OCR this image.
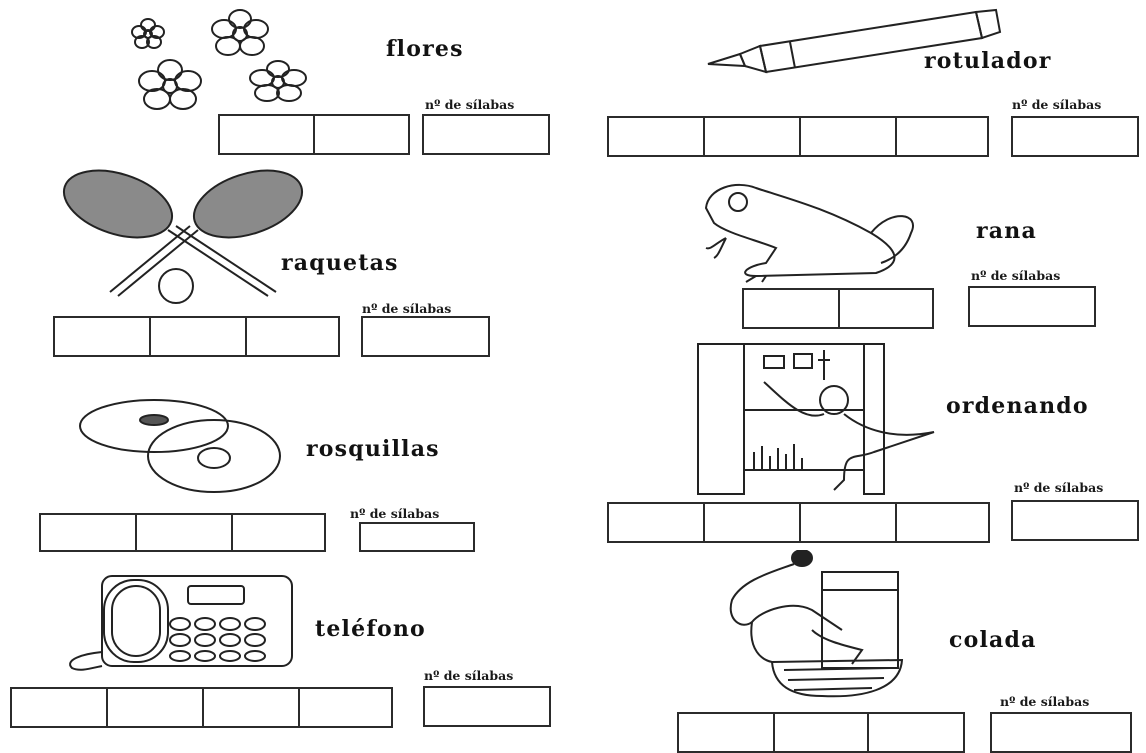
flores
nº de sílabas
rotulador
nº de sílabas
raquetas
nº de sílabas
rana
nº de sílabas
rosquillas
nº de sílabas
ordenando
nº de sílabas
teléfono
nº de sílabas
colada
nº de sílabas
